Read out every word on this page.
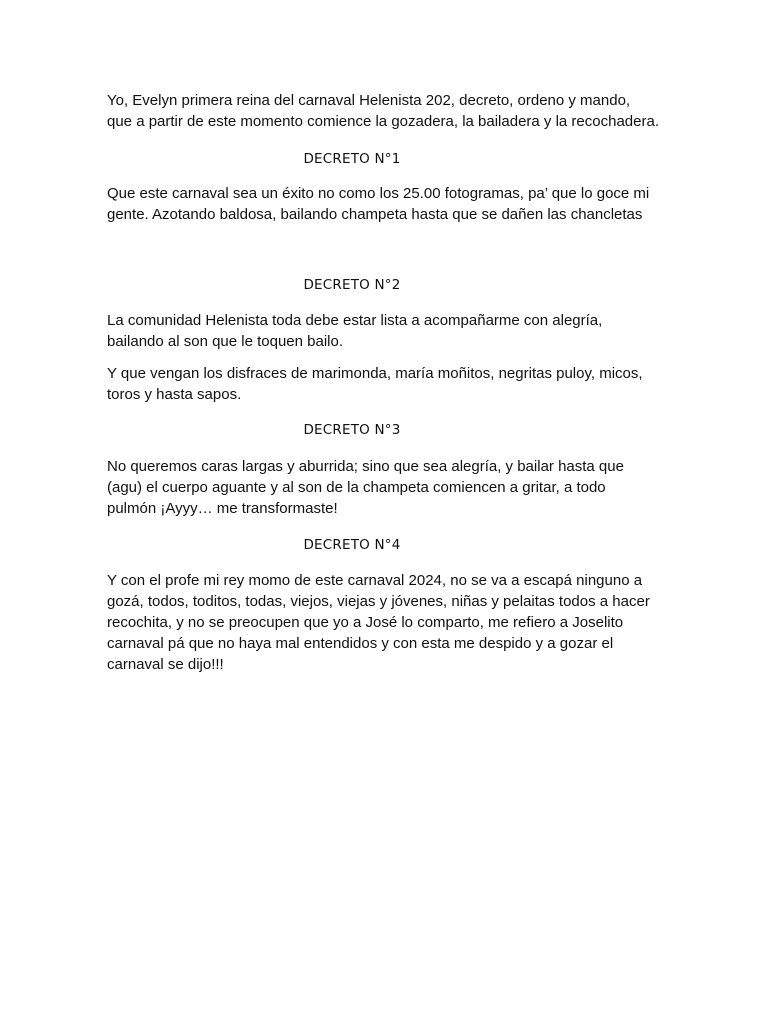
Yo, Evelyn primera reina del carnaval Helenista 202, decreto, ordeno y mando,
que a partir de este momento comience la gozadera, la bailadera y la recochadera.

DECRETO N°1

Que este carnaval sea un éxito no como los 25.00 fotogramas, pa’ que lo goce mi
gente. Azotando baldosa, bailando champeta hasta que se dañen las chancletas

DECRETO N°2

La comunidad Helenista toda debe estar lista a acompañarme con alegría,
bailando al son que le toquen bailo.

Y que vengan los disfraces de marimonda, maría moñitos, negritas puloy, micos,
toros y hasta sapos.

DECRETO N°3

No queremos caras largas y aburrida; sino que sea alegría, y bailar hasta que
(agu) el cuerpo aguante y al son de la champeta comiencen a gritar, a todo
pulmón ¡Ayyy… me transformaste!

DECRETO N°4

Y con el profe mi rey momo de este carnaval 2024, no se va a escapá ninguno a
gozá, todos, toditos, todas, viejos, viejas y jóvenes, niñas y pelaitas todos a hacer
recochita, y no se preocupen que yo a José lo comparto, me refiero a Joselito
carnaval pá que no haya mal entendidos y con esta me despido y a gozar el
carnaval se dijo!!!
